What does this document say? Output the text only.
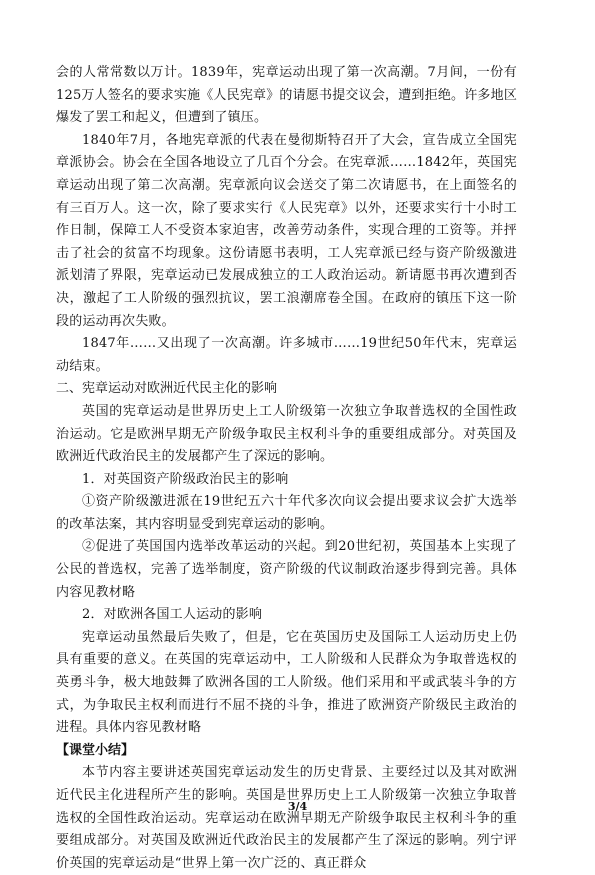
会的人常常数以万计。1839年，宪章运动出现了第一次高潮。7月间，一份有125万人签名的要求实施《人民宪章》的请愿书提交议会，遭到拒绝。许多地区爆发了罢工和起义，但遭到了镇压。

1840年7月，各地宪章派的代表在曼彻斯特召开了大会，宣告成立全国宪章派协会。协会在全国各地设立了几百个分会。在宪章派……1842年，英国宪章运动出现了第二次高潮。宪章派向议会送交了第二次请愿书，在上面签名的有三百万人。这一次，除了要求实行《人民宪章》以外，还要求实行十小时工作日制，保障工人不受资本家迫害，改善劳动条件，实现合理的工资等。并抨击了社会的贫富不均现象。这份请愿书表明，工人宪章派已经与资产阶级激进派划清了界限，宪章运动已发展成独立的工人政治运动。新请愿书再次遭到否决，激起了工人阶级的强烈抗议，罢工浪潮席卷全国。在政府的镇压下这一阶段的运动再次失败。

1847年……又出现了一次高潮。许多城市……19世纪50年代末，宪章运动结束。

二、宪章运动对欧洲近代民主化的影响

英国的宪章运动是世界历史上工人阶级第一次独立争取普选权的全国性政治运动。它是欧洲早期无产阶级争取民主权利斗争的重要组成部分。对英国及欧洲近代政治民主的发展都产生了深远的影响。

1．对英国资产阶级政治民主的影响

①资产阶级激进派在19世纪五六十年代多次向议会提出要求议会扩大选举的改革法案，其内容明显受到宪章运动的影响。

②促进了英国国内选举改革运动的兴起。到20世纪初，英国基本上实现了公民的普选权，完善了选举制度，资产阶级的代议制政治逐步得到完善。具体内容见教材略

2．对欧洲各国工人运动的影响

宪章运动虽然最后失败了，但是，它在英国历史及国际工人运动历史上仍具有重要的意义。在英国的宪章运动中，工人阶级和人民群众为争取普选权的英勇斗争，极大地鼓舞了欧洲各国的工人阶级。他们采用和平或武装斗争的方式，为争取民主权利而进行不屈不挠的斗争，推进了欧洲资产阶级民主政治的进程。具体内容见教材略

【课堂小结】

本节内容主要讲述英国宪章运动发生的历史背景、主要经过以及其对欧洲近代民主化进程所产生的影响。英国是世界历史上工人阶级第一次独立争取普选权的全国性政治运动。宪章运动在欧洲早期无产阶级争取民主权利斗争的重要组成部分。对英国及欧洲近代政治民主的发展都产生了深远的影响。列宁评价英国的宪章运动是“世界上第一次广泛的、真正群众

3/4
